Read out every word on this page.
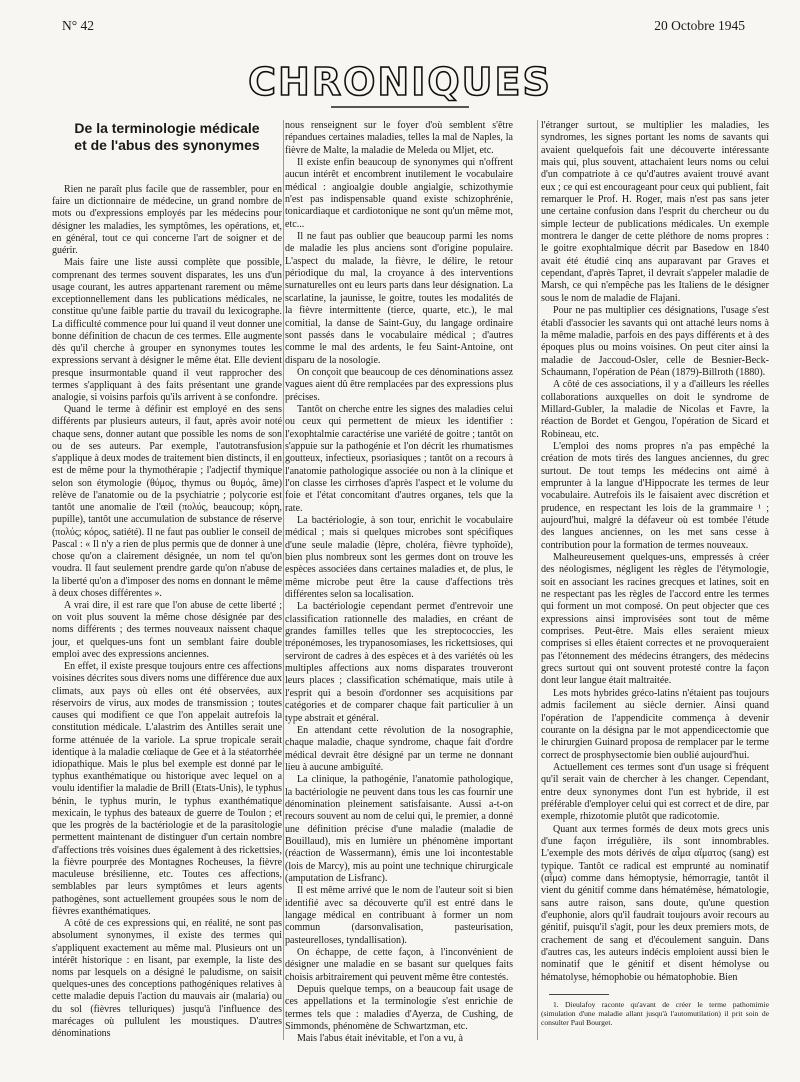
N° 42	20 Octobre 1945
CHRONIQUES
De la terminologie médicale
et de l'abus des synonymes

Rien ne paraît plus facile que de rassembler, pour en faire un dictionnaire de médecine, un grand nombre de mots ou d'expressions employés par les médecins pour désigner les maladies, les symptômes, les opérations, et, en général, tout ce qui concerne l'art de soigner et de guérir.

Mais faire une liste aussi complète que possible, comprenant des termes souvent disparates, les uns d'un usage courant, les autres appartenant rarement ou même exceptionnellement dans les publications médicales, ne constitue qu'une faible partie du travail du lexicographe. La difficulté commence pour lui quand il veut donner une bonne définition de chacun de ces termes. Elle augmente dès qu'il cherche à grouper en synonymes toutes les expressions servant à désigner le même état. Elle devient presque insurmontable quand il veut rapprocher des termes s'appliquant à des faits présentant une grande analogie, si voisins parfois qu'ils arrivent à se confondre.

Quand le terme à définir est employé en des sens différents par plusieurs auteurs, il faut, après avoir noté chaque sens, donner autant que possible les noms de son ou de ses auteurs. Par exemple, l'autotransfusion s'applique à deux modes de traitement bien distincts, il en est de même pour la thymothérapie ; l'adjectif thymique selon son étymologie (θύμος, thymus ou θυμός, âme) relève de l'anatomie ou de la psychiatrie ; polycorie est tantôt une anomalie de l'œil (πολύς, beaucoup; κόρη, pupille), tantôt une accumulation de substance de réserve (πολύς; κόρος, satiété). Il ne faut pas oublier le conseil de Pascal : « Il n'y a rien de plus permis que de donner à une chose qu'on a clairement désignée, un nom tel qu'on voudra. Il faut seulement prendre garde qu'on n'abuse de la liberté qu'on a d'imposer des noms en donnant le même à deux choses différentes ».

A vrai dire, il est rare que l'on abuse de cette liberté ; on voit plus souvent la même chose désignée par des noms différents ; des termes nouveaux naissent chaque jour, et quelques-uns font un semblant faire double emploi avec des expressions anciennes.

En effet, il existe presque toujours entre ces affections voisines décrites sous divers noms une différence due aux climats, aux pays où elles ont été observées, aux réservoirs de virus, aux modes de transmission ; toutes causes qui modifient ce que l'on appelait autrefois la constitution médicale. L'alastrim des Antilles serait une forme atténuée de la variole. La sprue tropicale serait identique à la maladie cœliaque de Gee et à la stéatorrhée idiopathique. Mais le plus bel exemple est donné par le typhus exanthématique ou historique avec lequel on a voulu identifier la maladie de Brill (Etats-Unis), le typhus bénin, le typhus murin, le typhus exanthématique mexicain, le typhus des bateaux de guerre de Toulon ; et que les progrès de la bactériologie et de la parasitologie permettent maintenant de distinguer d'un certain nombre d'affections très voisines dues également à des rickettsies, la fièvre pourprée des Montagnes Rocheuses, la fièvre maculeuse brésilienne, etc. Toutes ces affections, semblables par leurs symptômes et leurs agents pathogènes, sont actuellement groupées sous le nom de fièvres exanthématiques.

A côté de ces expressions qui, en réalité, ne sont pas absolument synonymes, il existe des termes qui s'appliquent exactement au même mal. Plusieurs ont un intérêt historique : en lisant, par exemple, la liste des noms par lesquels on a désigné le paludisme, on saisit quelques-unes des conceptions pathogéniques relatives à cette maladie depuis l'action du mauvais air (malaria) ou du sol (fièvres telluriques) jusqu'à l'influence des marécages où pullulent les moustiques. D'autres dénominations

nous renseignent sur le foyer d'où semblent s'être répandues certaines maladies, telles la mal de Naples, la fièvre de Malte, la maladie de Meleda ou Mljet, etc.

Il existe enfin beaucoup de synonymes qui n'offrent aucun intérêt et encombrent inutilement le vocabulaire médical : angioalgie double angialgie, schizothymie n'est pas indispensable quand existe schizophrénie, tonicardiaque et cardiotonique ne sont qu'un même mot, etc...

Il ne faut pas oublier que beaucoup parmi les noms de maladie les plus anciens sont d'origine populaire. L'aspect du malade, la fièvre, le délire, le retour périodique du mal, la croyance à des interventions surnaturelles ont eu leurs parts dans leur désignation. La scarlatine, la jaunisse, le goitre, toutes les modalités de la fièvre intermittente (tierce, quarte, etc.), le mal comitial, la danse de Saint-Guy, du langage ordinaire sont passés dans le vocabulaire médical ; d'autres comme le mal des ardents, le feu Saint-Antoine, ont disparu de la nosologie.

On conçoit que beaucoup de ces dénominations assez vagues aient dû être remplacées par des expressions plus précises.

Tantôt on cherche entre les signes des maladies celui ou ceux qui permettent de mieux les identifier : l'exophtalmie caractérise une variété de goitre ; tantôt on s'appuie sur la pathogénie et l'on décrit les rhumatismes goutteux, infectieux, psoriasiques ; tantôt on a recours à l'anatomie pathologique associée ou non à la clinique et l'on classe les cirrhoses d'après l'aspect et le volume du foie et l'état concomitant d'autres organes, tels que la rate.

La bactériologie, à son tour, enrichit le vocabulaire médical ; mais si quelques microbes sont spécifiques d'une seule maladie (lèpre, choléra, fièvre typhoïde), bien plus nombreux sont les germes dont on trouve les espèces associées dans certaines maladies et, de plus, le même microbe peut être la cause d'affections très différentes selon sa localisation.

La bactériologie cependant permet d'entrevoir une classification rationnelle des maladies, en créant de grandes familles telles que les streptococcies, les tréponémoses, les trypanosomiases, les rickettsioses, qui serviront de cadres à des espèces et à des variétés où les multiples affections aux noms disparates trouveront leurs places ; classification schématique, mais utile à l'esprit qui a besoin d'ordonner ses acquisitions par catégories et de comparer chaque fait particulier à un type abstrait et général.

En attendant cette révolution de la nosographie, chaque maladie, chaque syndrome, chaque fait d'ordre médical devrait être désigné par un terme ne donnant lieu à aucune ambiguïté.

La clinique, la pathogénie, l'anatomie pathologique, la bactériologie ne peuvent dans tous les cas fournir une dénomination pleinement satisfaisante. Aussi a-t-on recours souvent au nom de celui qui, le premier, a donné une définition précise d'une maladie (maladie de Bouillaud), mis en lumière un phénomène important (réaction de Wassermann), émis une loi incontestable (lois de Marcy), mis au point une technique chirurgicale (amputation de Lisfranc).

Il est même arrivé que le nom de l'auteur soit si bien identifié avec sa découverte qu'il est entré dans le langage médical en contribuant à former un nom commun (darsonvalisation, pasteurisation, pasteurelloses, tyndallisation).

On échappe, de cette façon, à l'inconvénient de désigner une maladie en se basant sur quelques faits choisis arbitrairement qui peuvent même être contestés.

Depuis quelque temps, on a beaucoup fait usage de ces appellations et la terminologie s'est enrichie de termes tels que : maladies d'Ayerza, de Cushing, de Simmonds, phénomène de Schwartzman, etc.

Mais l'abus était inévitable, et l'on a vu, à

l'étranger surtout, se multiplier les maladies, les syndromes, les signes portant les noms de savants qui avaient quelquefois fait une découverte intéressante mais qui, plus souvent, attachaient leurs noms ou celui d'un compatriote à ce qu'd'autres avaient trouvé avant eux ; ce qui est encourageant pour ceux qui publient, fait remarquer le Prof. H. Roger, mais n'est pas sans jeter une certaine confusion dans l'esprit du chercheur ou du simple lecteur de publications médicales. Un exemple montrera le danger de cette pléthore de noms propres : le goitre exophtalmique décrit par Basedow en 1840 avait été étudié cinq ans auparavant par Graves et cependant, d'après Tapret, il devrait s'appeler maladie de Marsh, ce qui n'empêche pas les Italiens de le désigner sous le nom de maladie de Flajani.

Pour ne pas multiplier ces désignations, l'usage s'est établi d'associer les savants qui ont attaché leurs noms à la même maladie, parfois en des pays différents et à des époques plus ou moins voisines. On peut citer ainsi la maladie de Jaccoud-Osler, celle de Besnier-Beck-Schaumann, l'opération de Péan (1879)-Billroth (1880).

A côté de ces associations, il y a d'ailleurs les réelles collaborations auxquelles on doit le syndrome de Millard-Gubler, la maladie de Nicolas et Favre, la réaction de Bordet et Gengou, l'opération de Sicard et Robineau, etc.

L'emploi des noms propres n'a pas empêché la création de mots tirés des langues anciennes, du grec surtout. De tout temps les médecins ont aimé à emprunter à la langue d'Hippocrate les termes de leur vocabulaire. Autrefois ils le faisaient avec discrétion et prudence, en respectant les lois de la grammaire ¹ ; aujourd'hui, malgré la défaveur où est tombée l'étude des langues anciennes, on les met sans cesse à contribution pour la formation de termes nouveaux.

Malheureusement quelques-uns, empressés à créer des néologismes, négligent les règles de l'étymologie, soit en associant les racines grecques et latines, soit en ne respectant pas les règles de l'accord entre les termes qui forment un mot composé. On peut objecter que ces expressions ainsi improvisées sont tout de même comprises. Peut-être. Mais elles seraient mieux comprises si elles étaient correctes et ne provoqueraient pas l'étonnement des médecins étrangers, des médecins grecs surtout qui ont souvent protesté contre la façon dont leur langue était maltraitée.

Les mots hybrides gréco-latins n'étaient pas toujours admis facilement au siècle dernier. Ainsi quand l'opération de l'appendicite commença à devenir courante on la désigna par le mot appendicectomie que le chirurgien Guinard proposa de remplacer par le terme correct de prosphysectomie bien oublié aujourd'hui.

Actuellement ces termes sont d'un usage si fréquent qu'il serait vain de chercher à les changer. Cependant, entre deux synonymes dont l'un est hybride, il est préférable d'employer celui qui est correct et de dire, par exemple, rhizotomie plutôt que radicotomie.

Quant aux termes formés de deux mots grecs unis d'une façon irrégulière, ils sont innombrables. L'exemple des mots dérivés de αἷμα αἵματος (sang) est typique. Tantôt ce radical est emprunté au nominatif (αἷμα) comme dans hémoptysie, hémorragie, tantôt il vient du génitif comme dans hématémèse, hématologie, sans autre raison, sans doute, qu'une question d'euphonie, alors qu'il faudrait toujours avoir recours au génitif, puisqu'il s'agit, pour les deux premiers mots, de crachement de sang et d'écoulement sanguin. Dans d'autres cas, les auteurs indécis emploient aussi bien le nominatif que le génitif et disent hémolyse ou hématolyse, hémophobie ou hématophobie. Bien

1. Dieulafoy raconte qu'avant de créer le terme pathomimie (simulation d'une maladie allant jusqu'à l'automutilation) il prit soin de consulter Paul Bourget.
